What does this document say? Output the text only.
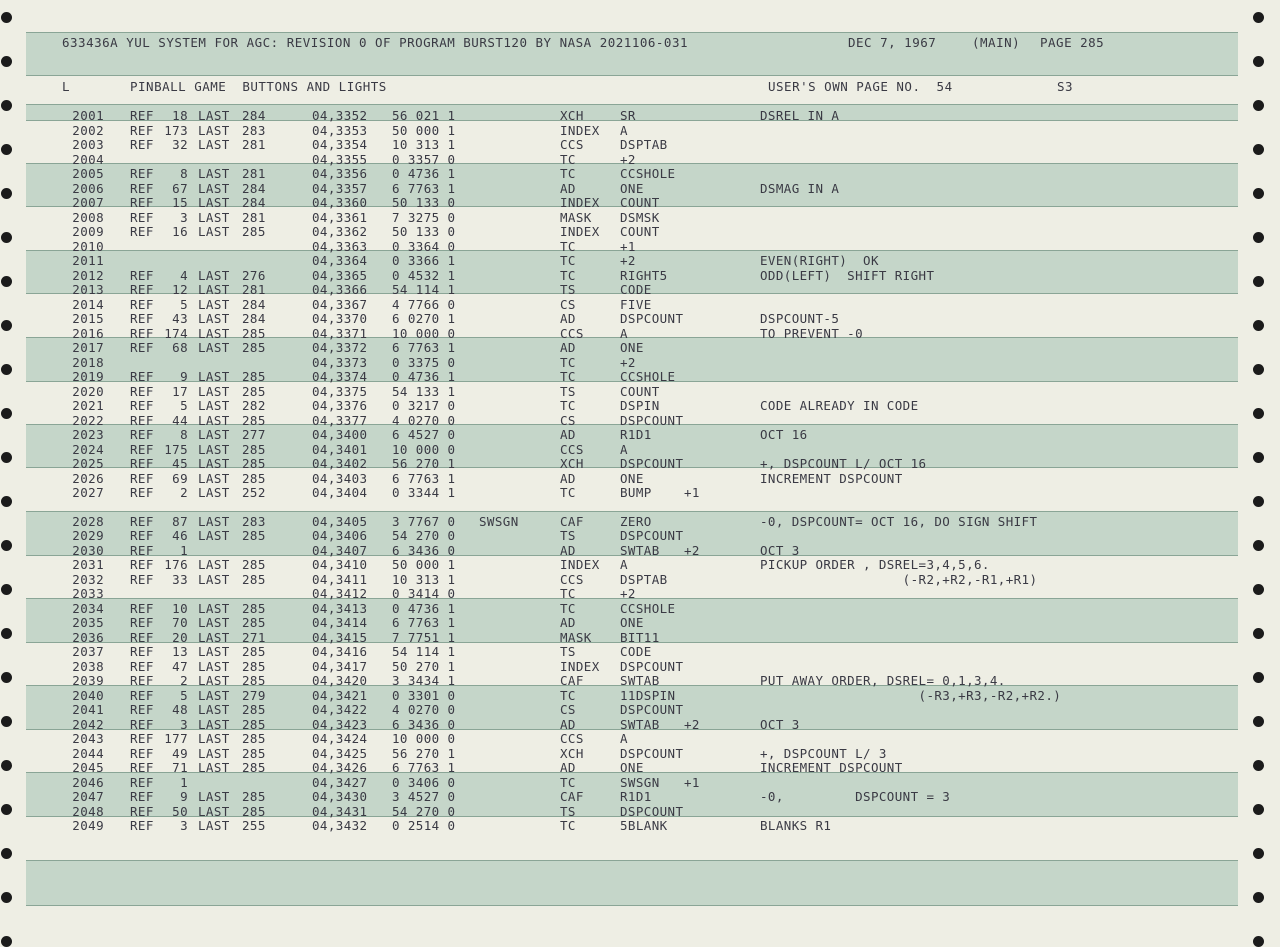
633436A YUL SYSTEM FOR AGC: REVISION 0 OF PROGRAM BURST120 BY NASA 2021106-031	DEC 7, 1967	(MAIN) PAGE 285
L	PINBALL GAME  BUTTONS AND LIGHTS	USER'S OWN PAGE NO.  54	S3
2001 REF	18 LAST 284	04,3352 56 021 1	XCH	SR	DSREL IN A
2002 REF 173 LAST 283	04,3353 50 000 1	INDEX A
2003 REF	32 LAST 281	04,3354 10 313 1	CCS	DSPTAB
2004	04,3355 0 3357 0	TC	+2
2005 REF	8 LAST 281	04,3356 0 4736 1	TC	CCSHOLE
2006 REF	67 LAST 284	04,3357 6 7763 1	AD	ONE	DSMAG IN A
2007 REF	15 LAST 284	04,3360 50 133 0	INDEX COUNT
2008 REF	3 LAST 281	04,3361 7 3275 0	MASK DSMSK
2009 REF	16 LAST 285	04,3362 50 133 0	INDEX COUNT
2010	04,3363 0 3364 0	TC	+1
2011	04,3364 0 3366 1	TC	+2	EVEN(RIGHT)  OK
2012 REF	4 LAST 276	04,3365 0 4532 1	TC	RIGHT5	ODD(LEFT)  SHIFT RIGHT
2013 REF	12 LAST 281	04,3366 54 114 1	TS	CODE
2014 REF	5 LAST 284	04,3367 4 7766 0	CS	FIVE
2015 REF	43 LAST 284	04,3370 6 0270 1	AD	DSPCOUNT	DSPCOUNT-5
2016 REF 174 LAST 285	04,3371 10 000 0	CCS	A	TO PREVENT -0
2017 REF	68 LAST 285	04,3372 6 7763 1	AD	ONE
2018	04,3373 0 3375 0	TC	+2
2019 REF	9 LAST 285	04,3374 0 4736 1	TC	CCSHOLE
2020 REF	17 LAST 285	04,3375 54 133 1	TS	COUNT
2021 REF	5 LAST 282	04,3376 0 3217 0	TC	DSPIN	CODE ALREADY IN CODE
2022 REF	44 LAST 285	04,3377 4 0270 0	CS	DSPCOUNT
2023 REF	8 LAST 277	04,3400 6 4527 0	AD	R1D1	OCT 16
2024 REF 175 LAST 285	04,3401 10 000 0	CCS	A
2025 REF	45 LAST 285	04,3402 56 270 1	XCH	DSPCOUNT	+, DSPCOUNT L/ OCT 16
2026 REF	69 LAST 285	04,3403 6 7763 1	AD	ONE	INCREMENT DSPCOUNT
2027 REF	2 LAST 252	04,3404 0 3344 1	TC	BUMP	+1
2028 REF	87 LAST 283	04,3405 3 7767 0 SWSGN	CAF	ZERO	-0, DSPCOUNT= OCT 16, DO SIGN SHIFT
2029 REF	46 LAST 285	04,3406 54 270 0	TS	DSPCOUNT
2030 REF	1	04,3407 6 3436 0	AD	SWTAB +2	OCT 3
2031 REF 176 LAST 285	04,3410 50 000 1	INDEX A	PICKUP ORDER , DSREL=3,4,5,6.
2032 REF	33 LAST 285	04,3411 10 313 1	CCS	DSPTAB	(-R2,+R2,-R1,+R1)
2033	04,3412 0 3414 0	TC	+2
2034 REF	10 LAST 285	04,3413 0 4736 1	TC	CCSHOLE
2035 REF	70 LAST 285	04,3414 6 7763 1	AD	ONE
2036 REF	20 LAST 271	04,3415 7 7751 1	MASK BIT11
2037 REF	13 LAST 285	04,3416 54 114 1	TS	CODE
2038 REF	47 LAST 285	04,3417 50 270 1	INDEX DSPCOUNT
2039 REF	2 LAST 285	04,3420 3 3434 1	CAF	SWTAB	PUT AWAY ORDER, DSREL= 0,1,3,4.
2040 REF	5 LAST 279	04,3421 0 3301 0	TC	11DSPIN	(-R3,+R3,-R2,+R2.)
2041 REF	48 LAST 285	04,3422 4 0270 0	CS	DSPCOUNT
2042 REF	3 LAST 285	04,3423 6 3436 0	AD	SWTAB +2	OCT 3
2043 REF 177 LAST 285	04,3424 10 000 0	CCS	A
2044 REF	49 LAST 285	04,3425 56 270 1	XCH	DSPCOUNT	+, DSPCOUNT L/ 3
2045 REF	71 LAST 285	04,3426 6 7763 1	AD	ONE	INCREMENT DSPCOUNT
2046 REF	1	04,3427 0 3406 0	TC	SWSGN +1
2047 REF	9 LAST 285	04,3430 3 4527 0	CAF	R1D1	-0,         DSPCOUNT = 3
2048 REF	50 LAST 285	04,3431 54 270 0	TS	DSPCOUNT
2049 REF	3 LAST 255	04,3432 0 2514 0	TC	5BLANK	BLANKS R1
